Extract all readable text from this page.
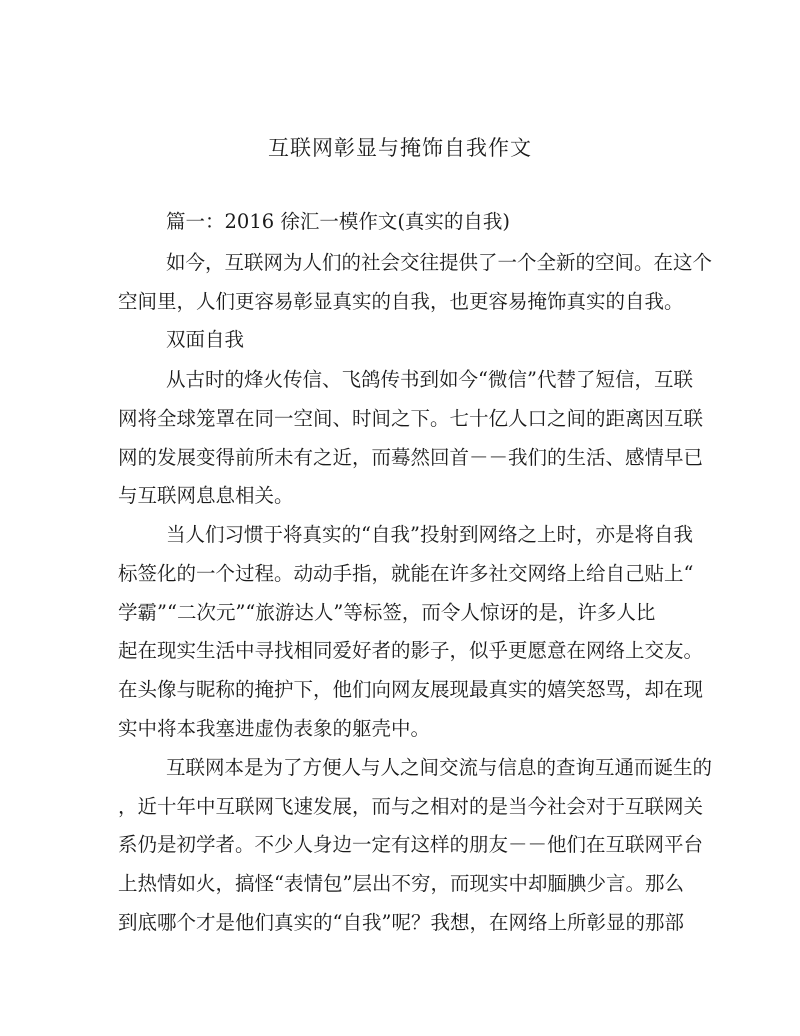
互联网彰显与掩饰自我作文
篇一：2016 徐汇一模作文(真实的自我)
如今，互联网为人们的社会交往提供了一个全新的空间。在这个
空间里，人们更容易彰显真实的自我，也更容易掩饰真实的自我。
双面自我
从古时的烽火传信、飞鸽传书到如今“微信”代替了短信，互联
网将全球笼罩在同一空间、时间之下。七十亿人口之间的距离因互联
网的发展变得前所未有之近，而蓦然回首－－我们的生活、感情早已
与互联网息息相关。
当人们习惯于将真实的“自我”投射到网络之上时，亦是将自我
标签化的一个过程。动动手指，就能在许多社交网络上给自己贴上“
学霸”“二次元”“旅游达人”等标签，而令人惊讶的是，许多人比
起在现实生活中寻找相同爱好者的影子，似乎更愿意在网络上交友。
在头像与昵称的掩护下，他们向网友展现最真实的嬉笑怒骂，却在现
实中将本我塞进虚伪表象的躯壳中。
互联网本是为了方便人与人之间交流与信息的查询互通而诞生的
，近十年中互联网飞速发展，而与之相对的是当今社会对于互联网关
系仍是初学者。不少人身边一定有这样的朋友－－他们在互联网平台
上热情如火，搞怪“表情包”层出不穷，而现实中却腼腆少言。那么
到底哪个才是他们真实的“自我”呢？我想，在网络上所彰显的那部
